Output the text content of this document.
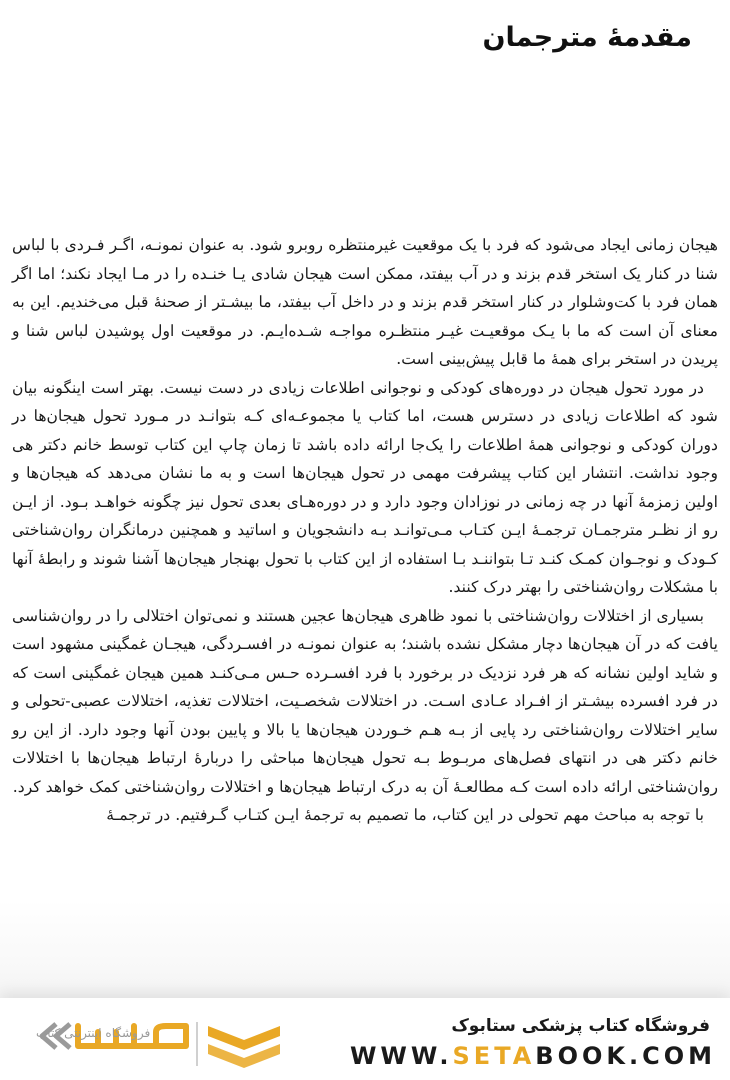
مقدمهٔ مترجمان

هیجان زمانی ایجاد می‌شود که فرد با یک موقعیت غیرمنتظره روبرو شود. به عنوان نمونـه، اگـر فـردی با لباس شنا در کنار یک استخر قدم بزند و در آب بیفتد، ممکن است هیجان شادی یـا خنـده را در مـا ایجاد نکند؛ اما اگر همان فرد با کت‌وشلوار در کنار استخر قدم بزند و در داخل آب بیفتد، ما بیشـتر از صحنهٔ قبل می‌خندیم. این به معنای آن است که ما با یـک موقعیـت غیـر منتظـره مواجـه شـده‌ایـم. در موقعیت اول پوشیدن لباس شنا و پریدن در استخر برای همهٔ ما قابل پیش‌بینی است.

در مورد تحول هیجان در دوره‌های کودکی و نوجوانی اطلاعات زیادی در دست نیست. بهتر است اینگونه بیان شود که اطلاعات زیادی در دسترس هست، اما کتاب یا مجموعـه‌ای کـه بتوانـد در مـورد تحول هیجان‌ها در دوران کودکی و نوجوانی همهٔ اطلاعات را یک‌جا ارائه داده باشد تا زمان چاپ این کتاب توسط خانم دکتر هی وجود نداشت. انتشار این کتاب پیشرفت مهمی در تحول هیجان‌ها است و به ما نشان می‌دهد که هیجان‌ها و اولین زمزمهٔ آنها در چه زمانی در نوزادان وجود دارد و در دوره‌هـای بعدی تحول نیز چگونه خواهـد بـود. از ایـن رو از نظـر مترجمـان ترجمـهٔ ایـن کتـاب مـی‌توانـد بـه دانشجویان و اساتید و همچنین درمانگران روان‌شناختی کـودک و نوجـوان کمـک کنـد تـا بتواننـد بـا استفاده از این کتاب با تحول بهنجار هیجان‌ها آشنا شوند و رابطهٔ آنها با مشکلات روان‌شناختی را بهتر درک کنند.

بسیاری از اختلالات روان‌شناختی با نمود ظاهری هیجان‌ها عجین هستند و نمی‌توان اختلالی را در روان‌شناسی یافت که در آن هیجان‌ها دچار مشکل نشده باشند؛ به عنوان نمونـه در افسـردگی، هیجـان غمگینی مشهود است و شاید اولین نشانه که هر فرد نزدیک در برخورد با فرد افسـرده حـس مـی‌کنـد همین هیجان غمگینی است که در فرد افسرده بیشـتر از افـراد عـادی اسـت. در اختلالات شخصـیت، اختلالات تغذیه، اختلالات عصبی-تحولی و سایر اختلالات روان‌شناختی رد پایی از بـه هـم خـوردن هیجان‌ها یا بالا و پایین بودن آنها وجود دارد. از این رو خانم دکتر هی در انتهای فصل‌های مربـوط بـه تحول هیجان‌ها مباحثی را دربارهٔ ارتباط هیجان‌ها با اختلالات روان‌شناختی ارائه داده است کـه مطالعـهٔ آن به درک ارتباط هیجان‌ها و اختلالات روان‌شناختی کمک خواهد کرد.

با توجه به مباحث مهم تحولی در این کتاب، ما تصمیم به ترجمهٔ ایـن کتـاب گـرفتیم. در ترجمـهٔ

فروشگاه کتاب پزشکی ستابوک
WWW.SETABOOK.COM
فروشگاه اینترنتی کتاب
